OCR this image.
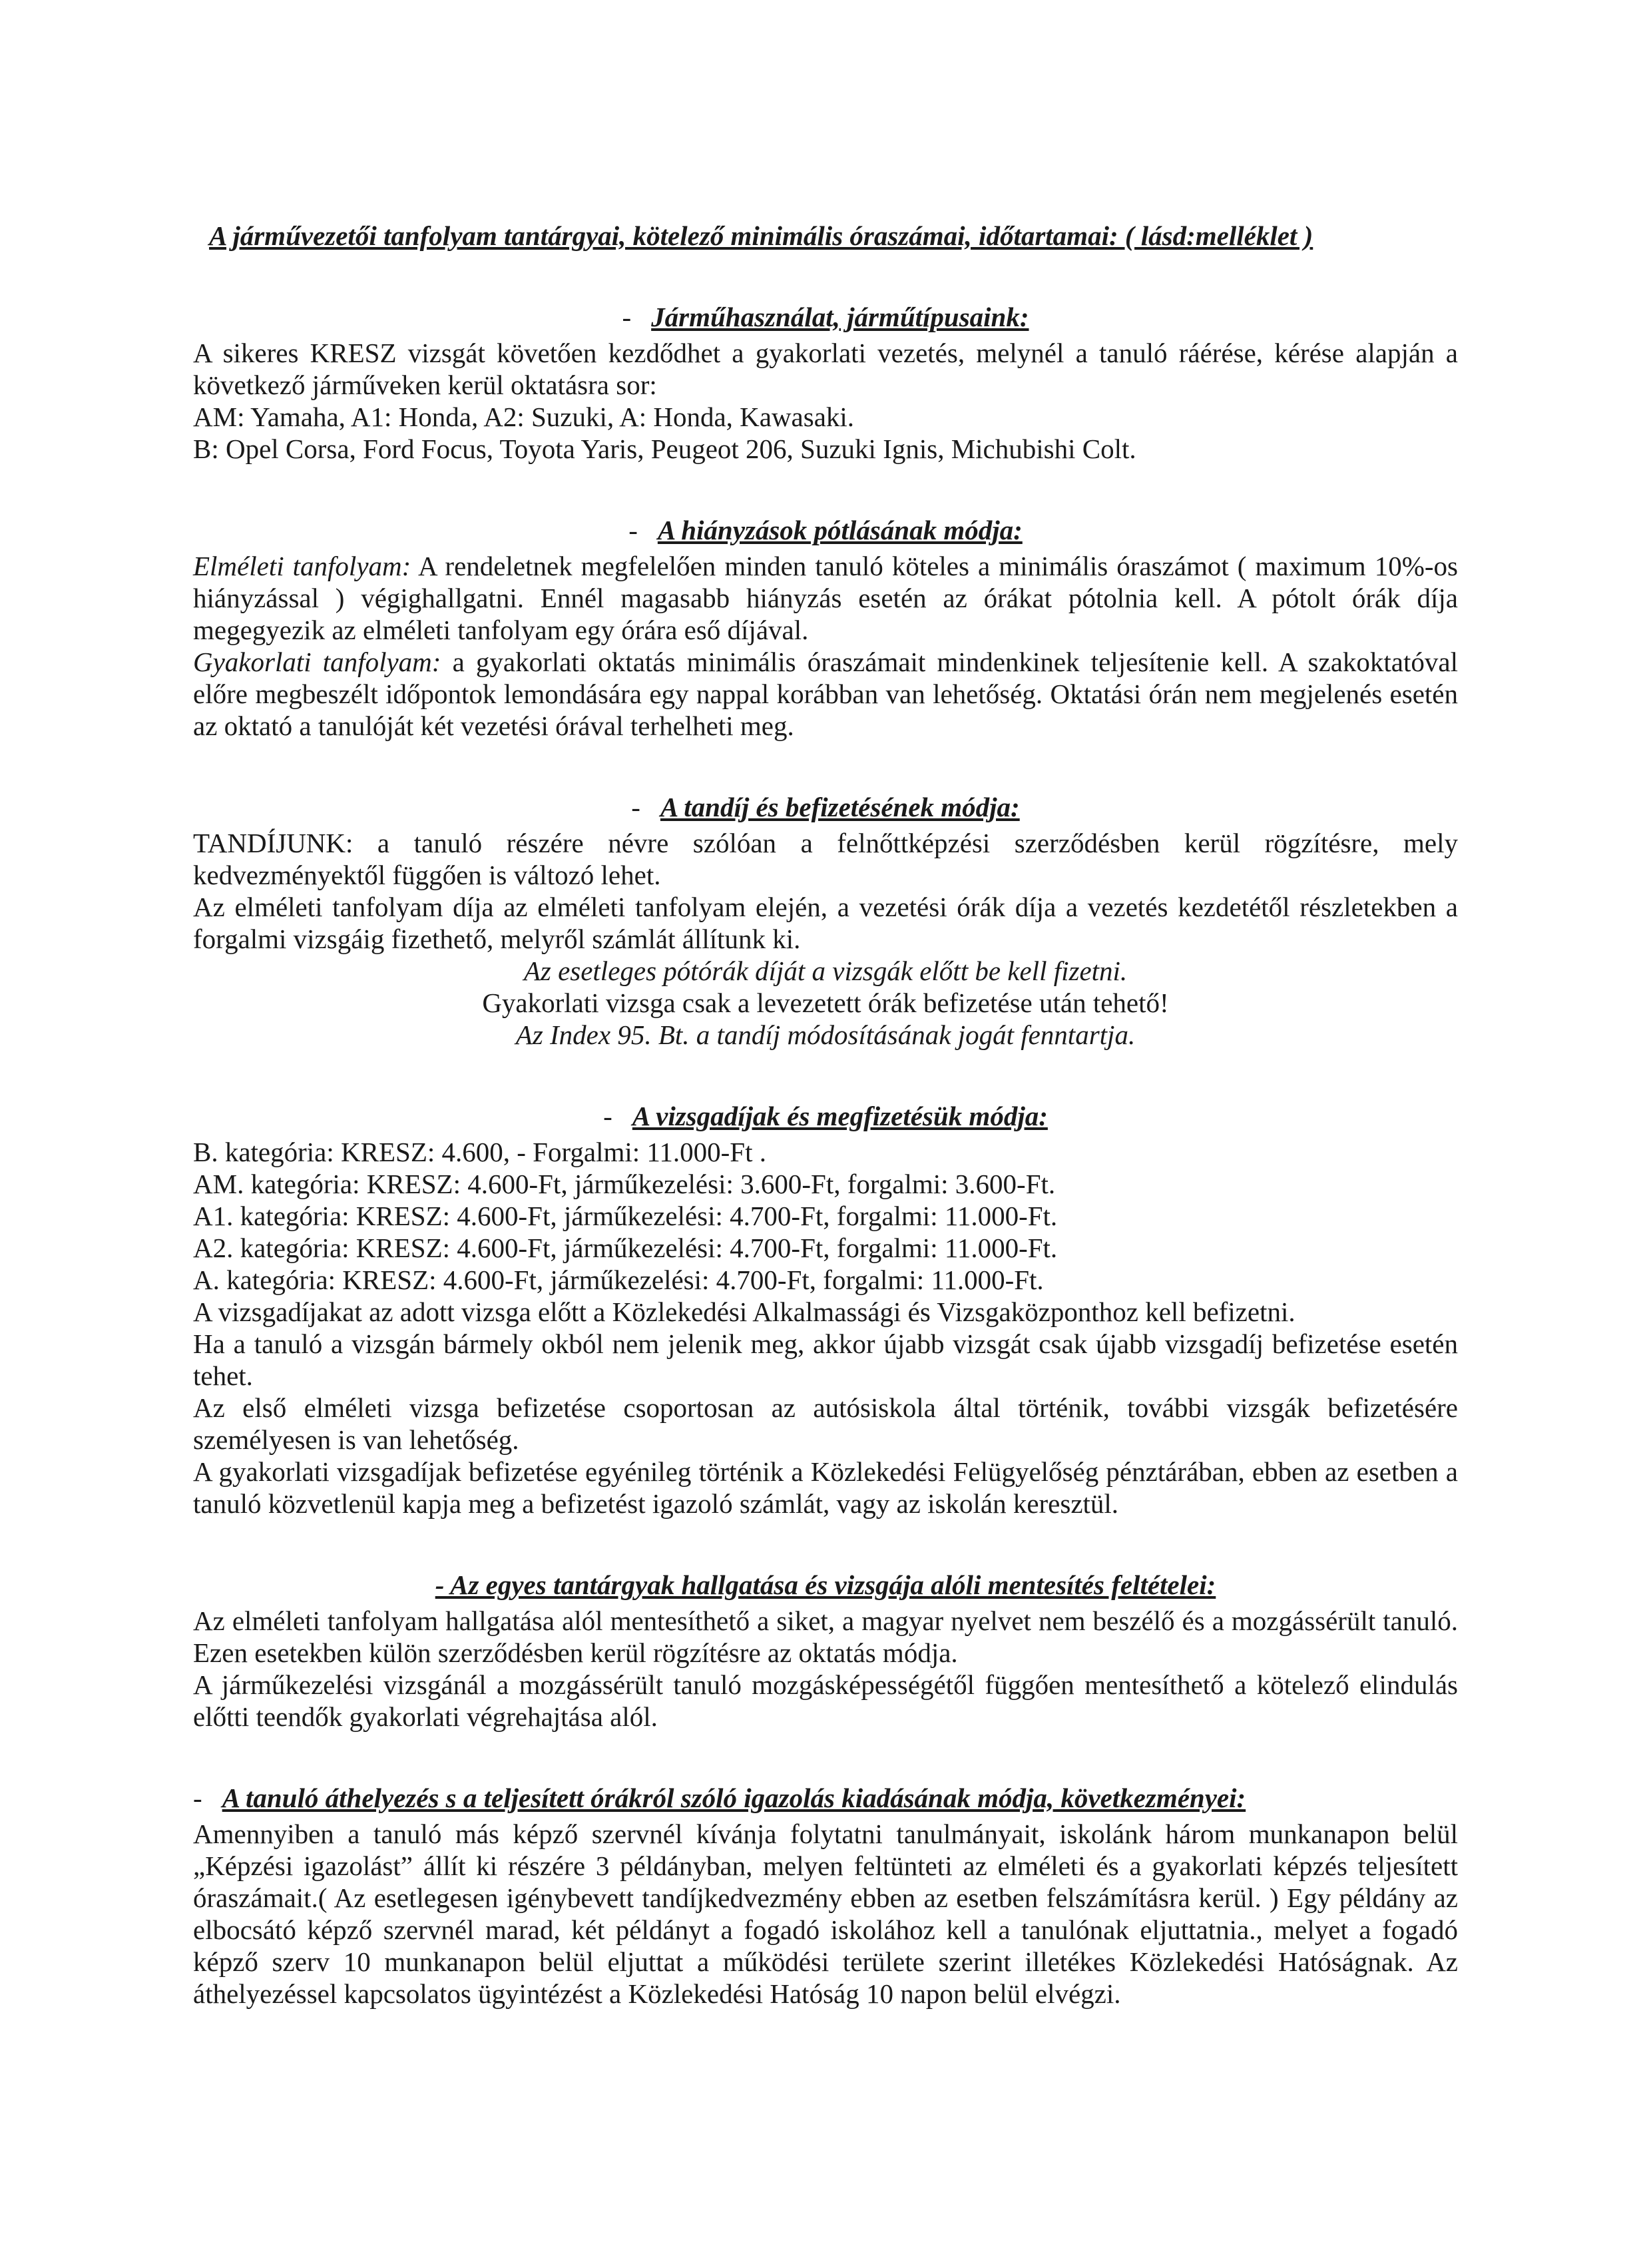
A járművezetői tanfolyam tantárgyai, kötelező minimális óraszámai, időtartamai: ( lásd:melléklet )
- Járműhasználat, járműtípusaink:

A sikeres KRESZ vizsgát követően kezdődhet a gyakorlati vezetés, melynél a tanuló ráérése, kérése alapján a következő járműveken kerül oktatásra sor:

AM: Yamaha, A1: Honda, A2: Suzuki, A: Honda, Kawasaki.
B: Opel Corsa, Ford Focus, Toyota Yaris, Peugeot 206, Suzuki Ignis, Michubishi Colt.
- A hiányzások pótlásának módja:

Elméleti tanfolyam: A rendeletnek megfelelően minden tanuló köteles a minimális óraszámot ( maximum 10%-os hiányzással ) végighallgatni. Ennél magasabb hiányzás esetén az órákat pótolnia kell. A pótolt órák díja megegyezik az elméleti tanfolyam egy órára eső díjával.

Gyakorlati tanfolyam: a gyakorlati oktatás minimális óraszámait mindenkinek teljesítenie kell. A szakoktatóval előre megbeszélt időpontok lemondására egy nappal korábban van lehetőség. Oktatási órán nem megjelenés esetén az oktató a tanulóját két vezetési órával terhelheti meg.

- A tandíj és befizetésének módja:

TANDÍJUNK: a tanuló részére névre szólóan a felnőttképzési szerződésben kerül rögzítésre, mely kedvezményektől függően is változó lehet.

Az elméleti tanfolyam díja az elméleti tanfolyam elején, a vezetési órák díja a vezetés kezdetétől részletekben a forgalmi vizsgáig fizethető, melyről számlát állítunk ki.

Az esetleges pótórák díját a vizsgák előtt be kell fizetni.
Gyakorlati vizsga csak a levezetett órák befizetése után tehető!
Az Index 95. Bt. a tandíj módosításának jogát fenntartja.
- A vizsgadíjak és megfizetésük módja:
B. kategória: KRESZ: 4.600, - Forgalmi: 11.000-Ft .
AM. kategória: KRESZ: 4.600-Ft, járműkezelési: 3.600-Ft, forgalmi: 3.600-Ft.
A1. kategória: KRESZ: 4.600-Ft, járműkezelési: 4.700-Ft, forgalmi: 11.000-Ft.
A2. kategória: KRESZ: 4.600-Ft, járműkezelési: 4.700-Ft, forgalmi: 11.000-Ft.
A. kategória: KRESZ: 4.600-Ft, járműkezelési: 4.700-Ft, forgalmi: 11.000-Ft.

A vizsgadíjakat az adott vizsga előtt a Közlekedési Alkalmassági és Vizsgaközponthoz kell befizetni.

Ha a tanuló a vizsgán bármely okból nem jelenik meg, akkor újabb vizsgát csak újabb vizsgadíj befizetése esetén tehet.

Az első elméleti vizsga befizetése csoportosan az autósiskola által történik, további vizsgák befizetésére személyesen is van lehetőség.

A gyakorlati vizsgadíjak befizetése egyénileg történik a Közlekedési Felügyelőség pénztárában, ebben az esetben a tanuló közvetlenül kapja meg a befizetést igazoló számlát, vagy az iskolán keresztül.

- Az egyes tantárgyak hallgatása és vizsgája alóli mentesítés feltételei:

Az elméleti tanfolyam hallgatása alól mentesíthető a siket, a magyar nyelvet nem beszélő és a mozgássérült tanuló. Ezen esetekben külön szerződésben kerül rögzítésre az oktatás módja.

A járműkezelési vizsgánál a mozgássérült tanuló mozgásképességétől függően mentesíthető a kötelező elindulás előtti teendők gyakorlati végrehajtása alól.

- A tanuló áthelyezés s a teljesített órákról szóló igazolás kiadásának módja, következményei:

Amennyiben a tanuló más képző szervnél kívánja folytatni tanulmányait, iskolánk három munkanapon belül „Képzési igazolást” állít ki részére 3 példányban, melyen feltünteti az elméleti és a gyakorlati képzés teljesített óraszámait.( Az esetlegesen igénybevett tandíjkedvezmény ebben az esetben felszámításra kerül. ) Egy példány az elbocsátó képző szervnél marad, két példányt a fogadó iskolához kell a tanulónak eljuttatnia., melyet a fogadó képző szerv 10 munkanapon belül eljuttat a működési területe szerint illetékes Közlekedési Hatóságnak. Az áthelyezéssel kapcsolatos ügyintézést a Közlekedési Hatóság 10 napon belül elvégzi.
